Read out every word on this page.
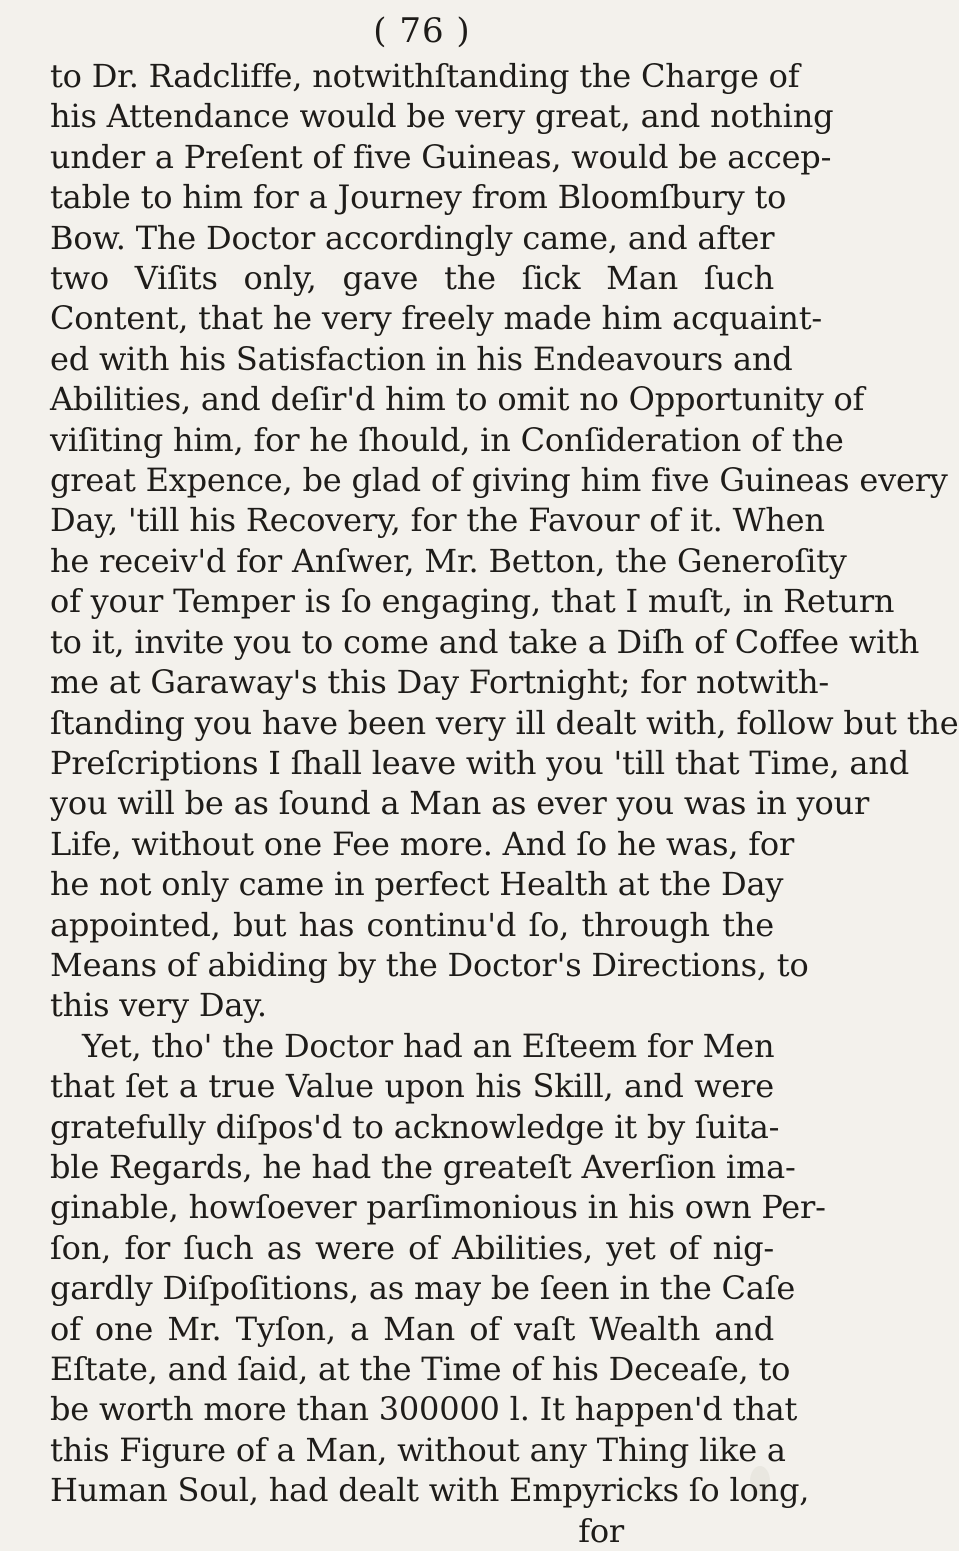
( 76 )
to Dr. Radcliffe, notwithſtanding the Charge of
his Attendance would be very great, and nothing
under a Preſent of five Guineas, would be accep-
table to him for a Journey from Bloomſbury to
Bow. The Doctor accordingly came, and after
two Viſits only, gave the ſick Man ſuch
Content, that he very freely made him acquaint-
ed with his Satisfaction in his Endeavours and
Abilities, and deſir'd him to omit no Opportunity of
viſiting him, for he ſhould, in Conſideration of the
great Expence, be glad of giving him five Guineas every
Day, 'till his Recovery, for the Favour of it. When
he receiv'd for Anſwer, Mr. Betton, the Generoſity
of your Temper is ſo engaging, that I muſt, in Return
to it, invite you to come and take a Diſh of Coffee with
me at Garaway's this Day Fortnight; for notwith-
ſtanding you have been very ill dealt with, follow but the
Preſcriptions I ſhall leave with you 'till that Time, and
you will be as ſound a Man as ever you was in your
Life, without one Fee more. And ſo he was, for
he not only came in perfect Health at the Day
appointed, but has continu'd ſo, through the
Means of abiding by the Doctor's Directions, to
this very Day.
Yet, tho' the Doctor had an Eſteem for Men
that ſet a true Value upon his Skill, and were
gratefully diſpos'd to acknowledge it by ſuita-
ble Regards, he had the greateſt Averſion ima-
ginable, howſoever parſimonious in his own Per-
ſon, for ſuch as were of Abilities, yet of nig-
gardly Diſpoſitions, as may be ſeen in the Caſe
of one Mr. Tyſon, a Man of vaſt Wealth and
Eſtate, and ſaid, at the Time of his Deceaſe, to
be worth more than 300000 l. It happen'd that
this Figure of a Man, without any Thing like a
Human Soul, had dealt with Empyricks ſo long,
for
